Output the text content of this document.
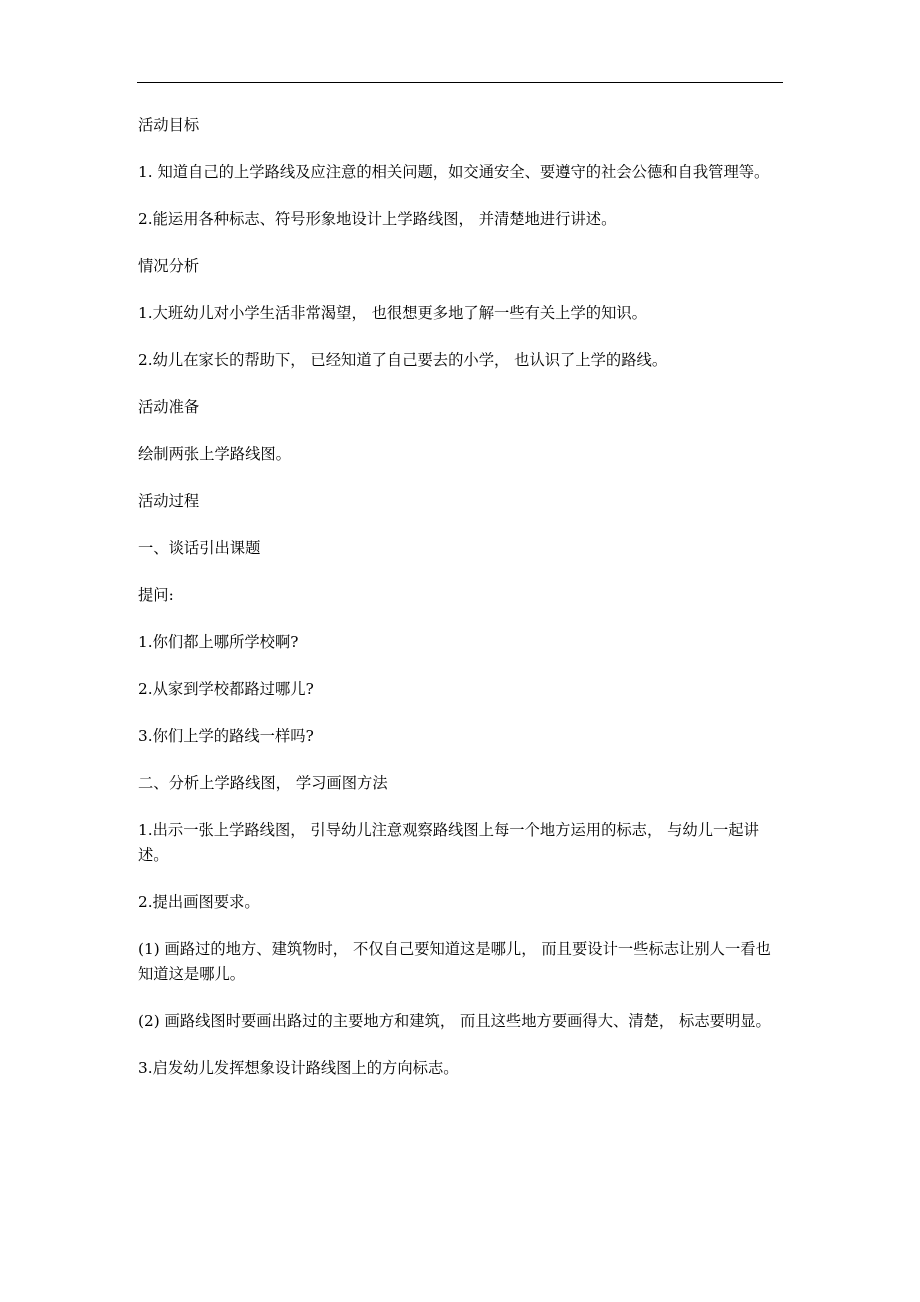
活动目标

1. 知道自己的上学路线及应注意的相关问题，如交通安全、要遵守的社会公德和自我管理等。

2.能运用各种标志、符号形象地设计上学路线图， 并清楚地进行讲述。

情况分析

1.大班幼儿对小学生活非常渴望， 也很想更多地了解一些有关上学的知识。

2.幼儿在家长的帮助下， 已经知道了自己要去的小学， 也认识了上学的路线。

活动准备

绘制两张上学路线图。

活动过程

一、谈话引出课题

提问:

1.你们都上哪所学校啊?

2.从家到学校都路过哪儿?

3.你们上学的路线一样吗?

二、分析上学路线图， 学习画图方法

1.出示一张上学路线图， 引导幼儿注意观察路线图上每一个地方运用的标志， 与幼儿一起讲述。

2.提出画图要求。

(1) 画路过的地方、建筑物时， 不仅自己要知道这是哪儿， 而且要设计一些标志让别人一看也知道这是哪儿。

(2) 画路线图时要画出路过的主要地方和建筑， 而且这些地方要画得大、清楚， 标志要明显。

3.启发幼儿发挥想象设计路线图上的方向标志。
